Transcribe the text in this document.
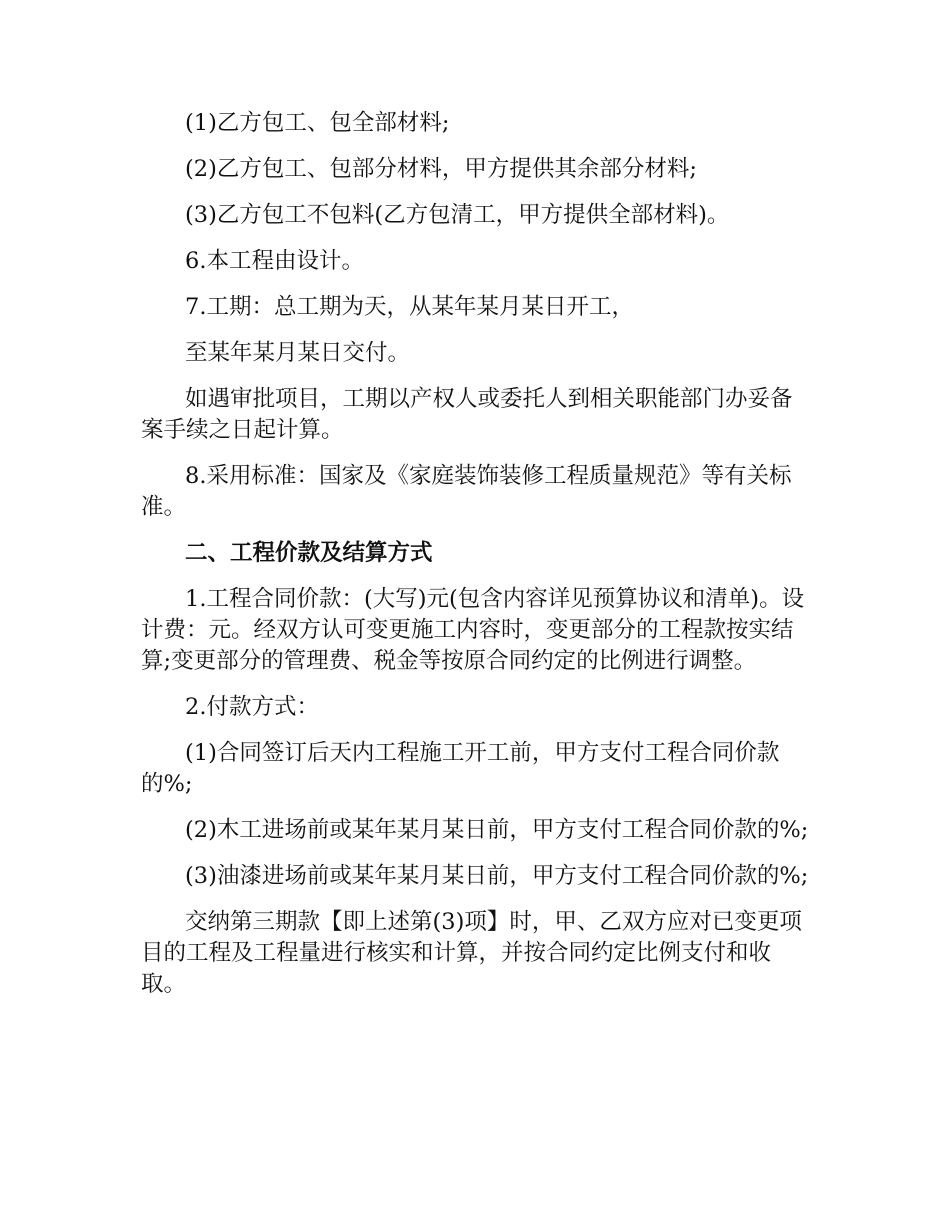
(1)乙方包工、包全部材料;

(2)乙方包工、包部分材料，甲方提供其余部分材料;

(3)乙方包工不包料(乙方包清工，甲方提供全部材料)。

6.本工程由设计。

7.工期：总工期为天，从某年某月某日开工，

至某年某月某日交付。

如遇审批项目，工期以产权人或委托人到相关职能部门办妥备案手续之日起计算。

8.采用标准：国家及《家庭装饰装修工程质量规范》等有关标准。

二、工程价款及结算方式

1.工程合同价款：(大写)元(包含内容详见预算协议和清单)。设计费：元。经双方认可变更施工内容时，变更部分的工程款按实结算;变更部分的管理费、税金等按原合同约定的比例进行调整。

2.付款方式：

(1)合同签订后天内工程施工开工前，甲方支付工程合同价款的%;

(2)木工进场前或某年某月某日前，甲方支付工程合同价款的%;

(3)油漆进场前或某年某月某日前，甲方支付工程合同价款的%;

交纳第三期款【即上述第(3)项】时，甲、乙双方应对已变更项目的工程及工程量进行核实和计算，并按合同约定比例支付和收取。
